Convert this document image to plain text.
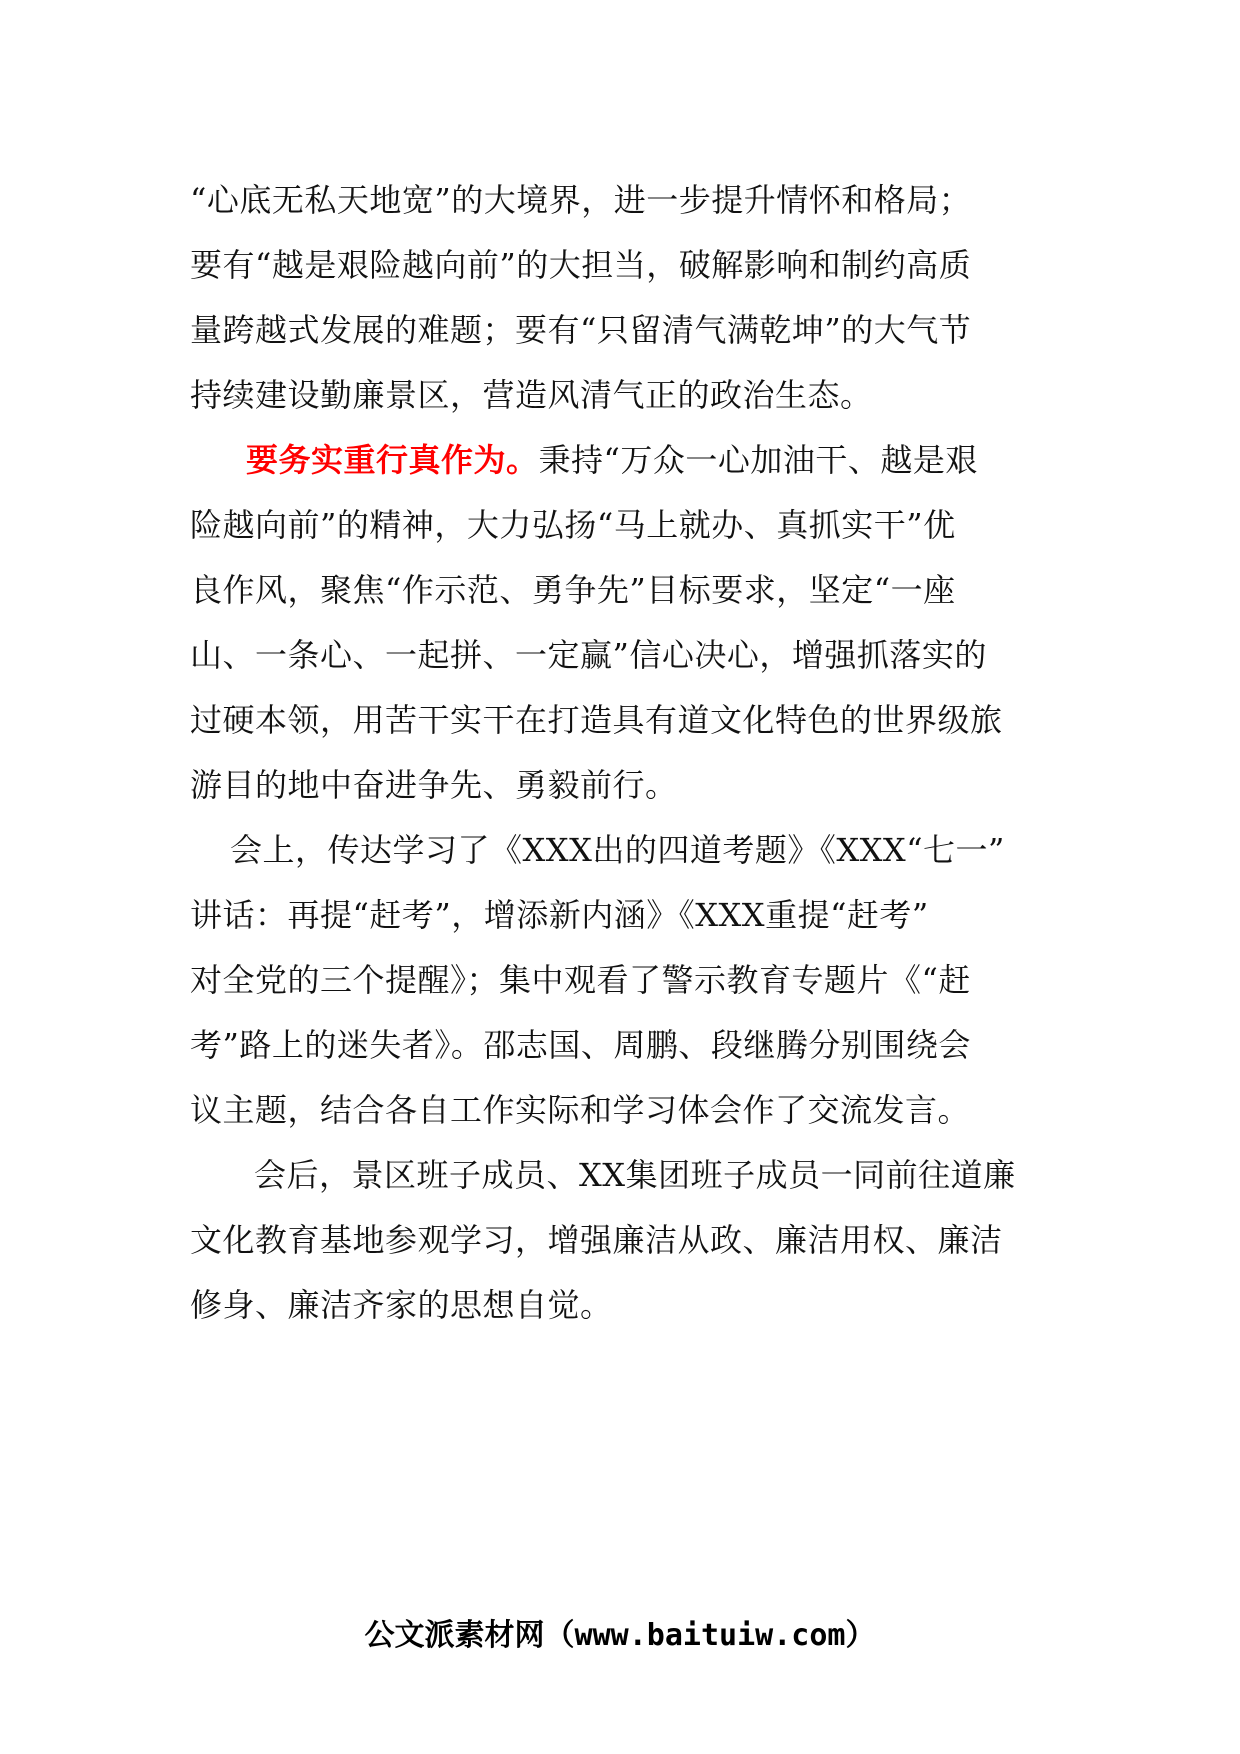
“心底无私天地宽”的大境界，进一步提升情怀和格局；
要有“越是艰险越向前”的大担当，破解影响和制约高质
量跨越式发展的难题；要有“只留清气满乾坤”的大气节
持续建设勤廉景区，营造风清气正的政治生态。
要务实重行真作为。秉持“万众一心加油干、越是艰
险越向前”的精神，大力弘扬“马上就办、真抓实干”优
良作风，聚焦“作示范、勇争先”目标要求，坚定“一座
山、一条心、一起拼、一定赢”信心决心，增强抓落实的
过硬本领，用苦干实干在打造具有道文化特色的世界级旅
游目的地中奋进争先、勇毅前行。
会上，传达学习了《XXX出的四道考题》《XXX“七一”
讲话：再提“赶考”，增添新内涵》《XXX重提“赶考”
对全党的三个提醒》；集中观看了警示教育专题片《“赶
考”路上的迷失者》。邵志国、周鹏、段继腾分别围绕会
议主题，结合各自工作实际和学习体会作了交流发言。
会后，景区班子成员、XX集团班子成员一同前往道廉
文化教育基地参观学习，增强廉洁从政、廉洁用权、廉洁
修身、廉洁齐家的思想自觉。
公文派素材网（www.baituiw.com）
